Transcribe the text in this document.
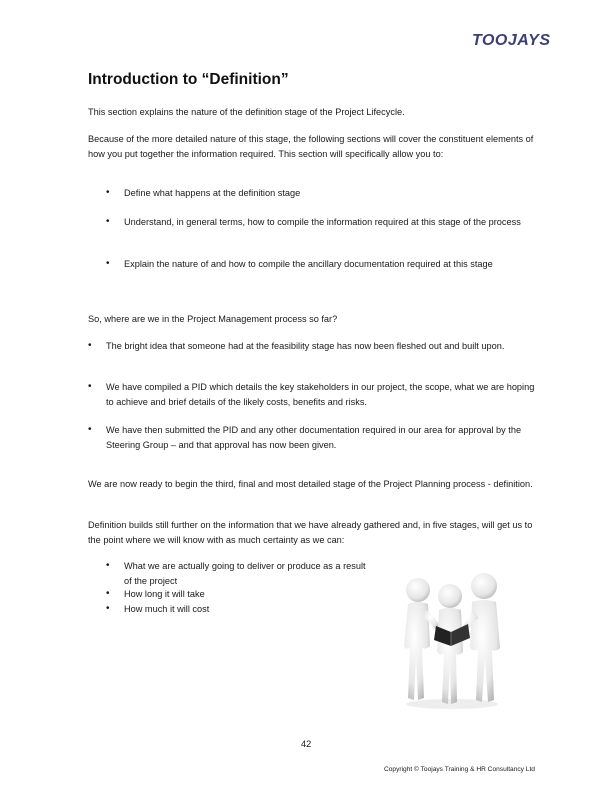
TOOJAYS
Introduction to “Definition”

This section explains the nature of the definition stage of the Project Lifecycle.

Because of the more detailed nature of this stage, the following sections will cover the constituent elements of how you put together the information required. This section will specifically allow you to:

• Define what happens at the definition stage

• Understand, in general terms, how to compile the information required at this stage of the process

• Explain the nature of and how to compile the ancillary documentation required at this stage

So, where are we in the Project Management process so far?

• The bright idea that someone had at the feasibility stage has now been fleshed out and built upon.

• We have compiled a PID which details the key stakeholders in our project, the scope, what we are hoping to achieve and brief details of the likely costs, benefits and risks.

• We have then submitted the PID and any other documentation required in our area for approval by the Steering Group – and that approval has now been given.

We are now ready to begin the third, final and most detailed stage of the Project Planning process - definition.

Definition builds still further on the information that we have already gathered and, in five stages, will get us to the point where we will know with as much certainty as we can:

• What we are actually going to deliver or produce as a result of the project

• How long it will take

• How much it will cost

42
Copyright © Toojays Training & HR Consultancy Ltd
